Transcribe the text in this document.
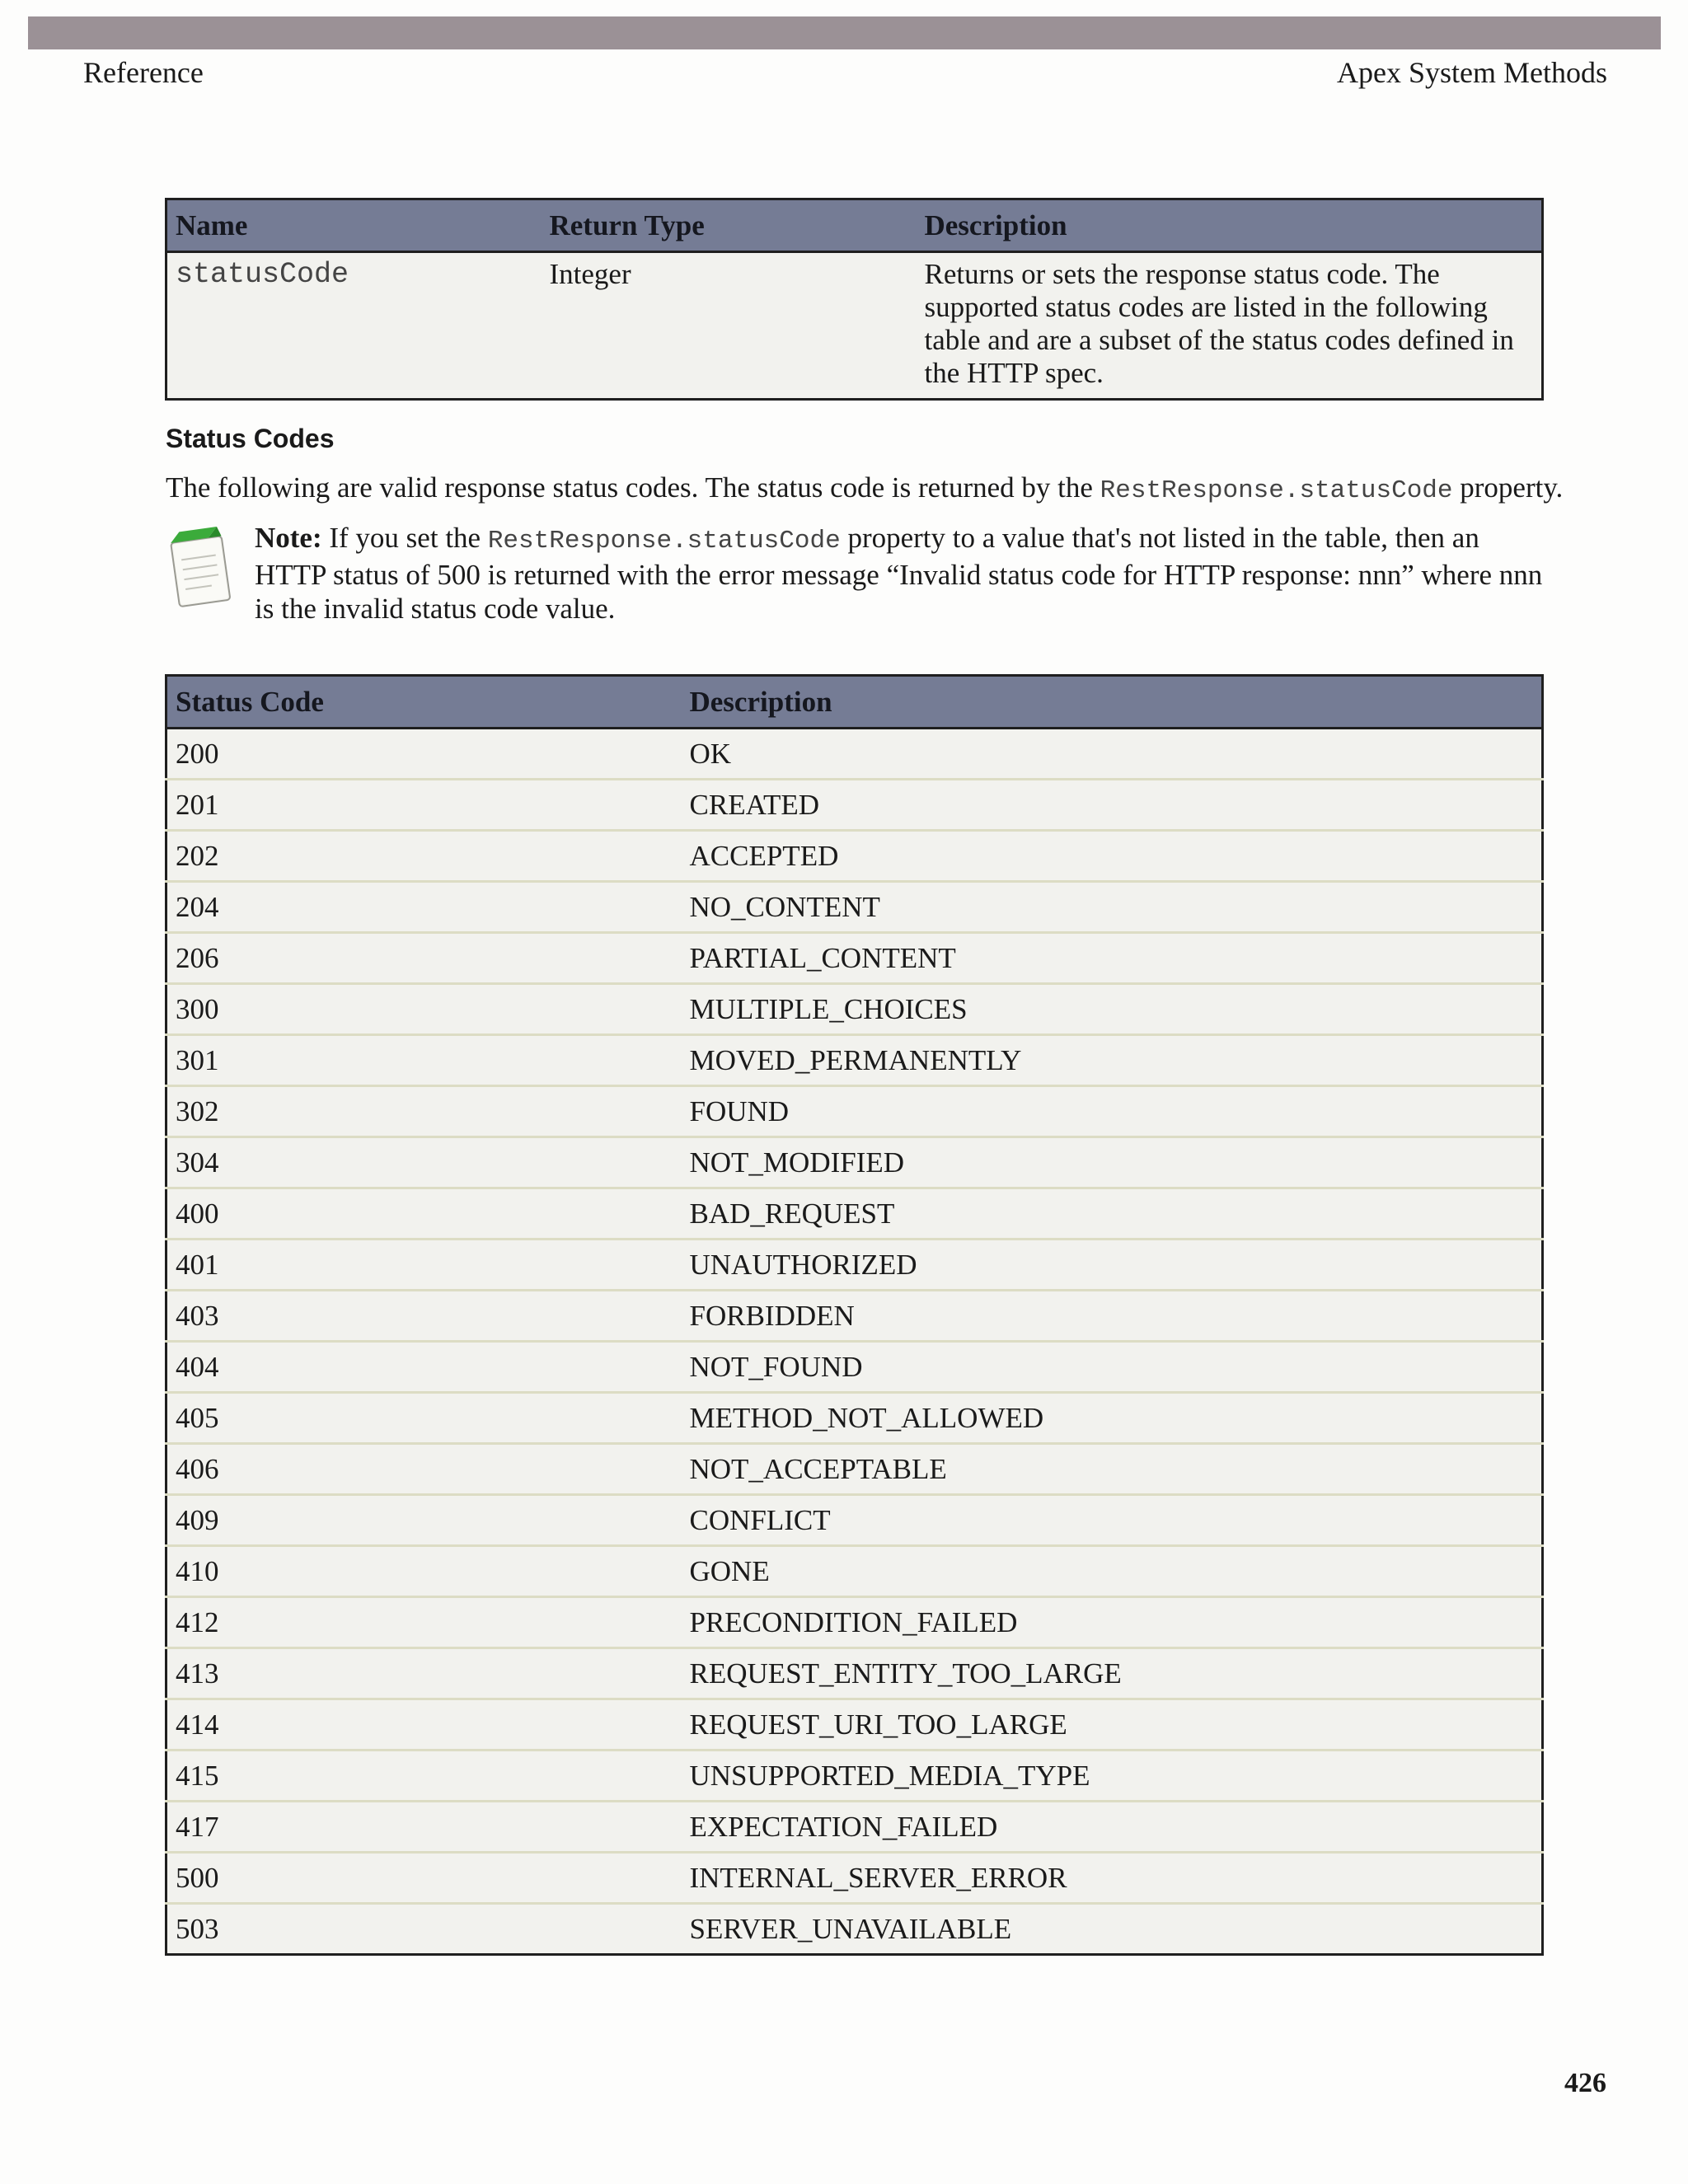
Reference	Apex System Methods
Name	Return Type	Description
statusCode	Integer	Returns or sets the response status code. The supported status codes are listed in the following table and are a subset of the status codes defined in the HTTP spec.
Status Codes
The following are valid response status codes. The status code is returned by the RestResponse.statusCode property.
Note: If you set the RestResponse.statusCode property to a value that's not listed in the table, then an HTTP status of 500 is returned with the error message “Invalid status code for HTTP response: nnn” where nnn is the invalid status code value.
Status Code	Description
200	OK
201	CREATED
202	ACCEPTED
204	NO_CONTENT
206	PARTIAL_CONTENT
300	MULTIPLE_CHOICES
301	MOVED_PERMANENTLY
302	FOUND
304	NOT_MODIFIED
400	BAD_REQUEST
401	UNAUTHORIZED
403	FORBIDDEN
404	NOT_FOUND
405	METHOD_NOT_ALLOWED
406	NOT_ACCEPTABLE
409	CONFLICT
410	GONE
412	PRECONDITION_FAILED
413	REQUEST_ENTITY_TOO_LARGE
414	REQUEST_URI_TOO_LARGE
415	UNSUPPORTED_MEDIA_TYPE
417	EXPECTATION_FAILED
500	INTERNAL_SERVER_ERROR
503	SERVER_UNAVAILABLE
426
